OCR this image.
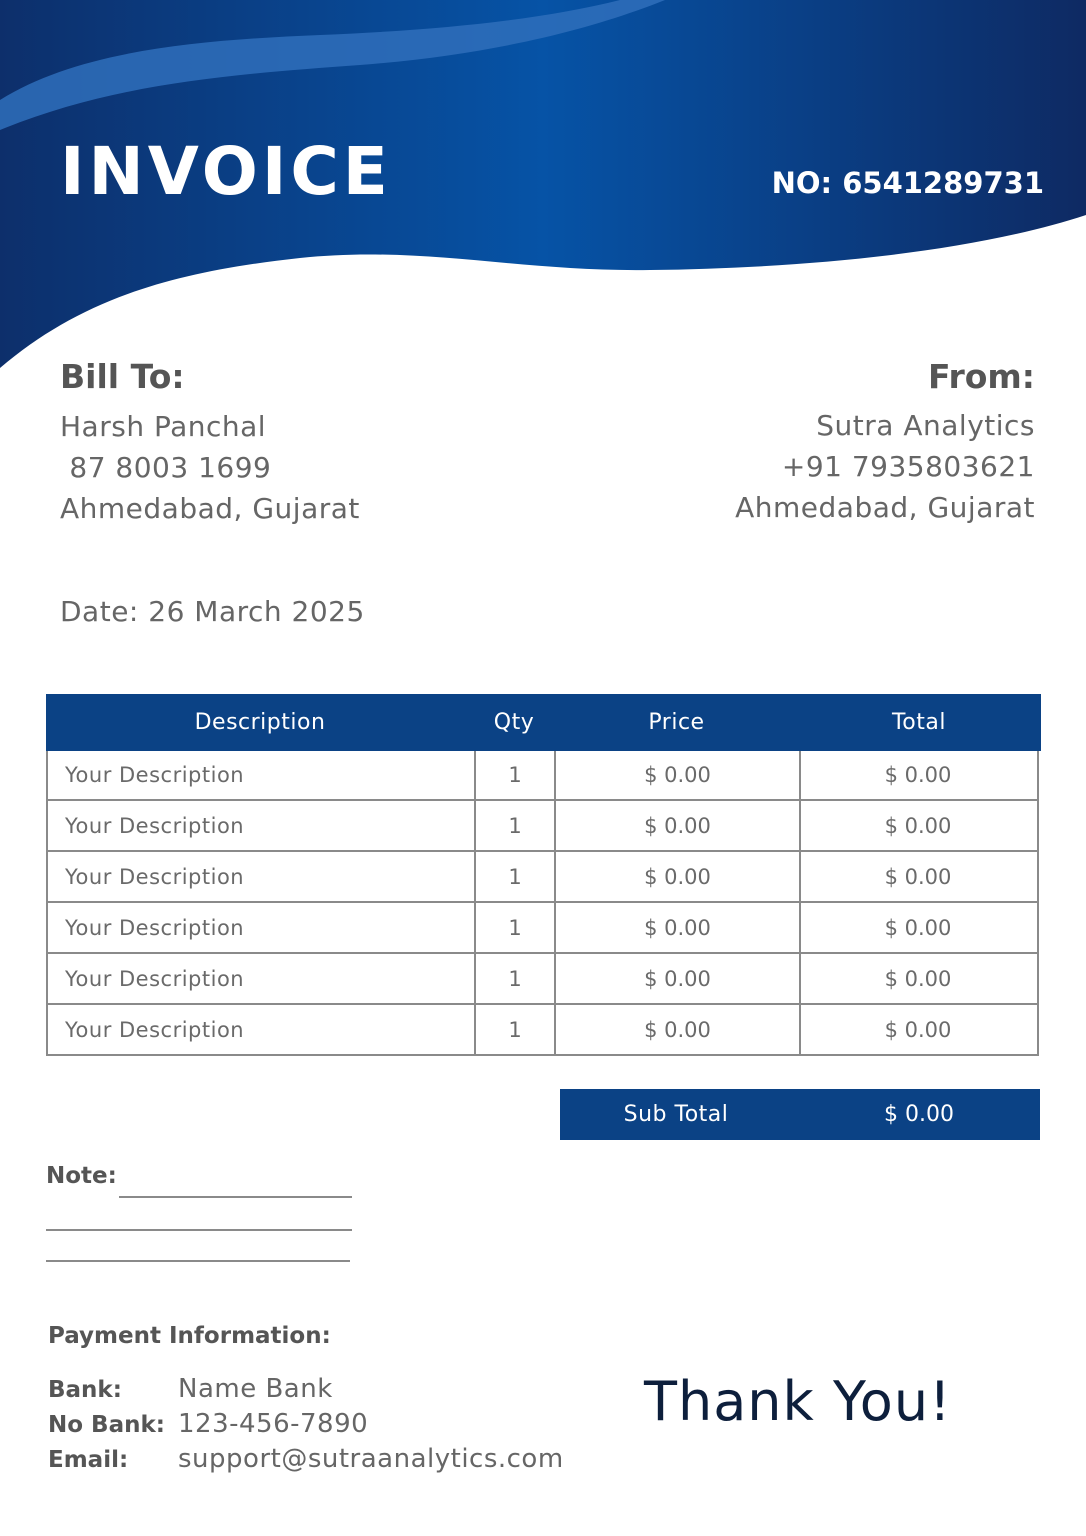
INVOICE	NO: 6541289731
Bill To:
Harsh Panchal
87 8003 1699
Ahmedabad, Gujarat
From:
Sutra Analytics
+91 7935803621
Ahmedabad, Gujarat
Date: 26 March 2025
Description	Qty	Price	Total
Your Description	1	$ 0.00	$ 0.00
Your Description	1	$ 0.00	$ 0.00
Your Description	1	$ 0.00	$ 0.00
Your Description	1	$ 0.00	$ 0.00
Your Description	1	$ 0.00	$ 0.00
Your Description	1	$ 0.00	$ 0.00
Sub Total	$ 0.00
Note:
Payment Information:
Bank:	Name Bank
No Bank: 123-456-7890
Email:	support@sutraanalytics.com
Thank You!
